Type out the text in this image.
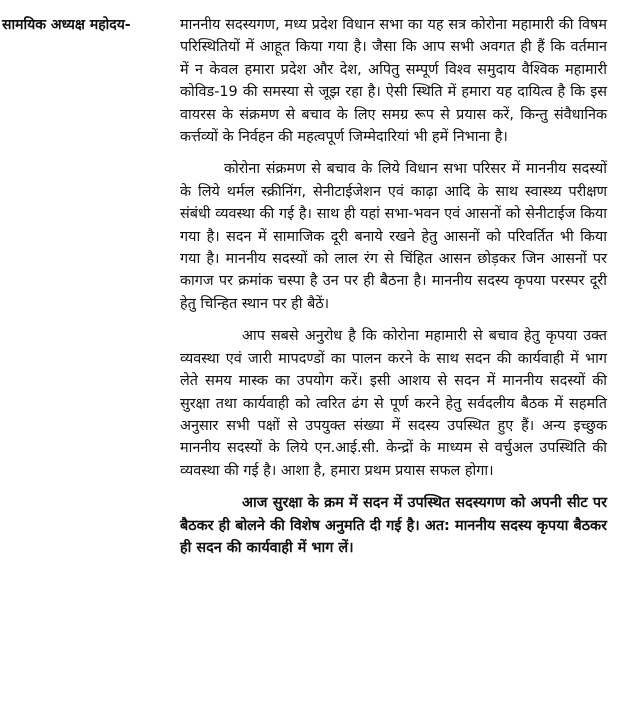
सामयिक अध्यक्ष महोदय-	माननीय सदस्यगण, मध्य प्रदेश विधान सभा का यह सत्र कोरोना महामारी की विषम परिस्थितियों में आहूत किया गया है। जैसा कि आप सभी अवगत ही हैं कि वर्तमान में न केवल हमारा प्रदेश और देश, अपितु सम्पूर्ण विश्व समुदाय वैश्विक महामारी कोविड-19 की समस्या से जूझ रहा है। ऐसी स्थिति में हमारा यह दायित्व है कि इस वायरस के संक्रमण से बचाव के लिए समग्र रूप से प्रयास करें, किन्तु संवैधानिक कर्त्तव्यों के निर्वहन की महत्वपूर्ण जिम्मेदारियां भी हमें निभाना है।

कोरोना संक्रमण से बचाव के लिये विधान सभा परिसर में माननीय सदस्यों के लिये थर्मल स्क्रीनिंग, सेनीटाईजेशन एवं काढ़ा आदि के साथ स्वास्थ्य परीक्षण संबंधी व्यवस्था की गई है। साथ ही यहां सभा-भवन एवं आसनों को सेनीटाईज किया गया है। सदन में सामाजिक दूरी बनाये रखने हेतु आसनों को परिवर्तित भी किया गया है। माननीय सदस्यों को लाल रंग से चिंहित आसन छोड़कर जिन आसनों पर कागज पर क्रमांक चस्पा है उन पर ही बैठना है। माननीय सदस्य कृपया परस्पर दूरी हेतु चिन्हित स्थान पर ही बैठें।

आप सबसे अनुरोध है कि कोरोना महामारी से बचाव हेतु कृपया उक्त व्यवस्था एवं जारी मापदण्डों का पालन करने के साथ सदन की कार्यवाही में भाग लेते समय मास्क का उपयोग करें। इसी आशय से सदन में माननीय सदस्यों की सुरक्षा तथा कार्यवाही को त्वरित ढंग से पूर्ण करने हेतु सर्वदलीय बैठक में सहमति अनुसार सभी पक्षों से उपयुक्त संख्या में सदस्य उपस्थित हुए हैं। अन्य इच्छुक माननीय सदस्यों के लिये एन.आई.सी. केन्द्रों के माध्यम से वर्चुअल उपस्थिति की व्यवस्था की गई है। आशा है, हमारा प्रथम प्रयास सफल होगा।

आज सुरक्षा के क्रम में सदन में उपस्थित सदस्यगण को अपनी सीट पर बैठकर ही बोलने की विशेष अनुमति दी गई है। अत: माननीय सदस्य कृपया बैठकर ही सदन की कार्यवाही में भाग लें।
